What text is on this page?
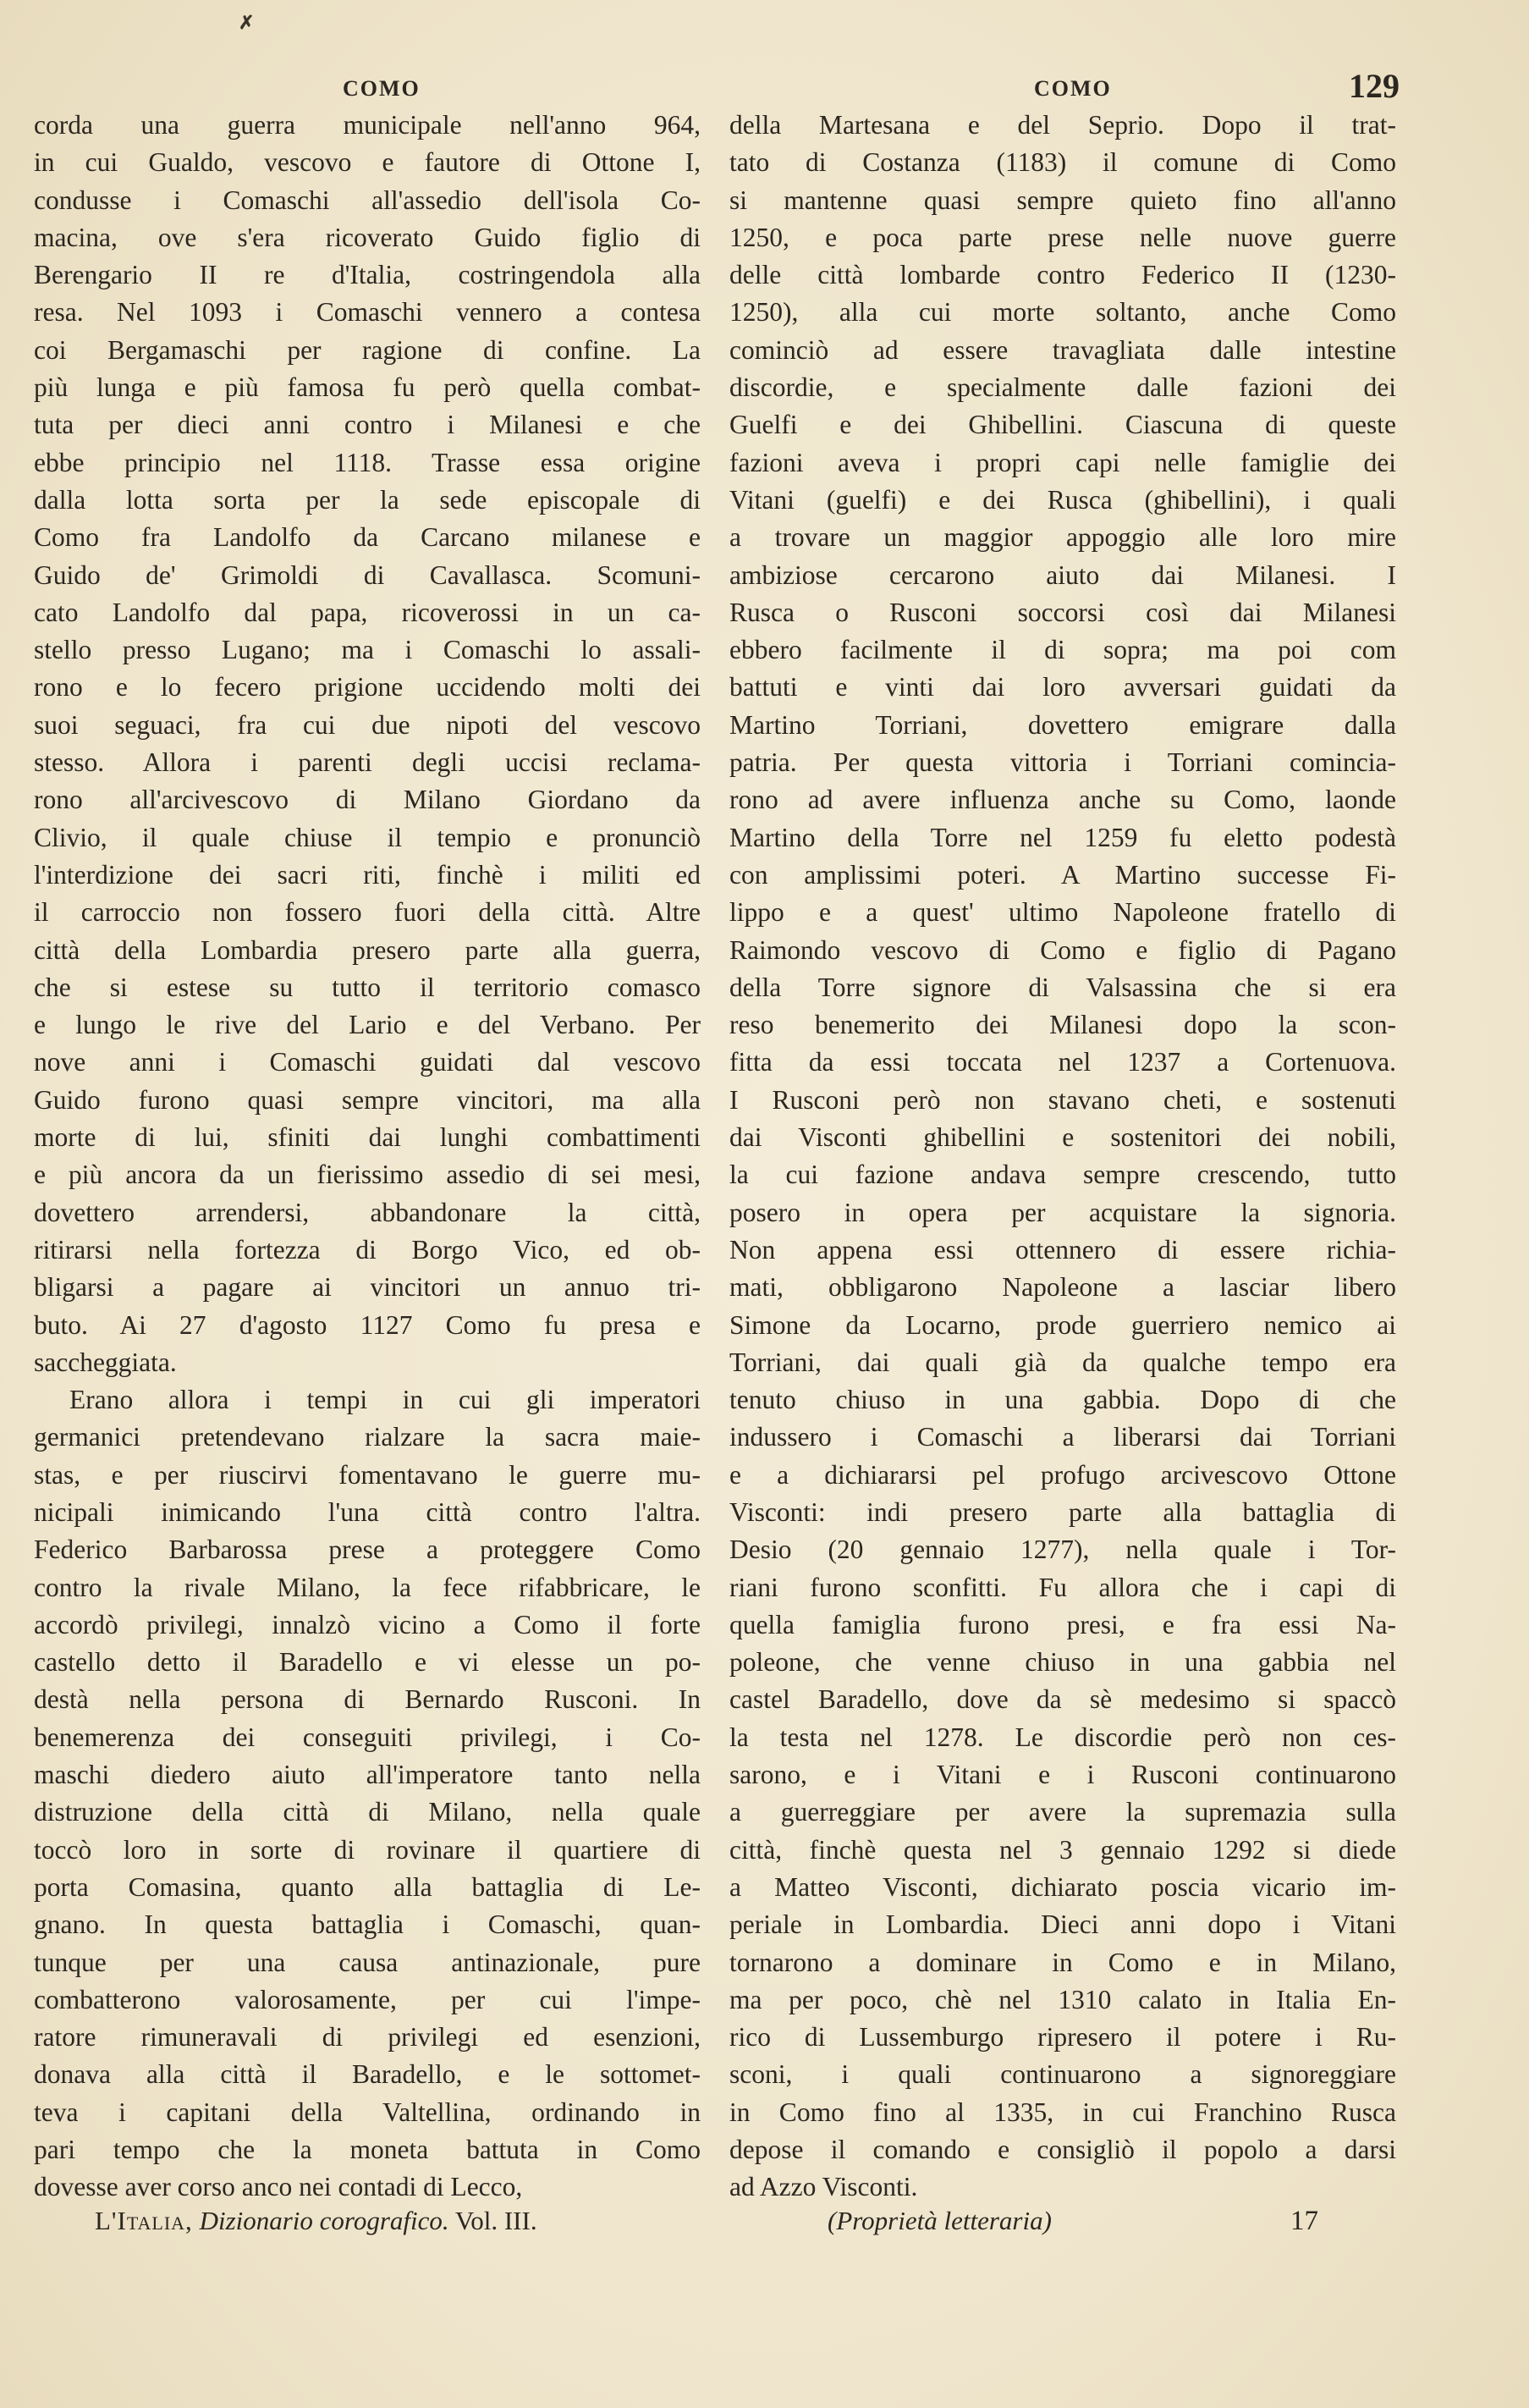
✗
COMO	COMO	129
corda una guerra municipale nell'anno 964,
in cui Gualdo, vescovo e fautore di Ottone I,
condusse i Comaschi all'assedio dell'isola Co-
macina, ove s'era ricoverato Guido figlio di
Berengario II re d'Italia, costringendola alla
resa. Nel 1093 i Comaschi vennero a contesa
coi Bergamaschi per ragione di confine. La
più lunga e più famosa fu però quella combat-
tuta per dieci anni contro i Milanesi e che
ebbe principio nel 1118. Trasse essa origine
dalla lotta sorta per la sede episcopale di
Como fra Landolfo da Carcano milanese e
Guido de' Grimoldi di Cavallasca. Scomuni-
cato Landolfo dal papa, ricoverossi in un ca-
stello presso Lugano; ma i Comaschi lo assali-
rono e lo fecero prigione uccidendo molti dei
suoi seguaci, fra cui due nipoti del vescovo
stesso. Allora i parenti degli uccisi reclama-
rono all'arcivescovo di Milano Giordano da
Clivio, il quale chiuse il tempio e pronunciò
l'interdizione dei sacri riti, finchè i militi ed
il carroccio non fossero fuori della città. Altre
città della Lombardia presero parte alla guerra,
che si estese su tutto il territorio comasco
e lungo le rive del Lario e del Verbano. Per
nove anni i Comaschi guidati dal vescovo
Guido furono quasi sempre vincitori, ma alla
morte di lui, sfiniti dai lunghi combattimenti
e più ancora da un fierissimo assedio di sei mesi,
dovettero arrendersi, abbandonare la città,
ritirarsi nella fortezza di Borgo Vico, ed ob-
bligarsi a pagare ai vincitori un annuo tri-
buto. Ai 27 d'agosto 1127 Como fu presa e
saccheggiata.
Erano allora i tempi in cui gli imperatori
germanici pretendevano rialzare la sacra maie-
stas, e per riuscirvi fomentavano le guerre mu-
nicipali inimicando l'una città contro l'altra.
Federico Barbarossa prese a proteggere Como
contro la rivale Milano, la fece rifabbricare, le
accordò privilegi, innalzò vicino a Como il forte
castello detto il Baradello e vi elesse un po-
destà nella persona di Bernardo Rusconi. In
benemerenza dei conseguiti privilegi, i Co-
maschi diedero aiuto all'imperatore tanto nella
distruzione della città di Milano, nella quale
toccò loro in sorte di rovinare il quartiere di
porta Comasina, quanto alla battaglia di Le-
gnano. In questa battaglia i Comaschi, quan-
tunque per una causa antinazionale, pure
combatterono valorosamente, per cui l'impe-
ratore rimuneravali di privilegi ed esenzioni,
donava alla città il Baradello, e le sottomet-
teva i capitani della Valtellina, ordinando in
pari tempo che la moneta battuta in Como
dovesse aver corso anco nei contadi di Lecco,
della Martesana e del Seprio. Dopo il trat-
tato di Costanza (1183) il comune di Como
si mantenne quasi sempre quieto fino all'anno
1250, e poca parte prese nelle nuove guerre
delle città lombarde contro Federico II (1230-
1250), alla cui morte soltanto, anche Como
cominciò ad essere travagliata dalle intestine
discordie, e specialmente dalle fazioni dei
Guelfi e dei Ghibellini. Ciascuna di queste
fazioni aveva i propri capi nelle famiglie dei
Vitani (guelfi) e dei Rusca (ghibellini), i quali
a trovare un maggior appoggio alle loro mire
ambiziose cercarono aiuto dai Milanesi. I
Rusca o Rusconi soccorsi così dai Milanesi
ebbero facilmente il di sopra; ma poi com
battuti e vinti dai loro avversari guidati da
Martino Torriani, dovettero emigrare dalla
patria. Per questa vittoria i Torriani comincia-
rono ad avere influenza anche su Como, laonde
Martino della Torre nel 1259 fu eletto podestà
con amplissimi poteri. A Martino successe Fi-
lippo e a quest' ultimo Napoleone fratello di
Raimondo vescovo di Como e figlio di Pagano
della Torre signore di Valsassina che si era
reso benemerito dei Milanesi dopo la scon-
fitta da essi toccata nel 1237 a Cortenuova.
I Rusconi però non stavano cheti, e sostenuti
dai Visconti ghibellini e sostenitori dei nobili,
la cui fazione andava sempre crescendo, tutto
posero in opera per acquistare la signoria.
Non appena essi ottennero di essere richia-
mati, obbligarono Napoleone a lasciar libero
Simone da Locarno, prode guerriero nemico ai
Torriani, dai quali già da qualche tempo era
tenuto chiuso in una gabbia. Dopo di che
indussero i Comaschi a liberarsi dai Torriani
e a dichiararsi pel profugo arcivescovo Ottone
Visconti: indi presero parte alla battaglia di
Desio (20 gennaio 1277), nella quale i Tor-
riani furono sconfitti. Fu allora che i capi di
quella famiglia furono presi, e fra essi Na-
poleone, che venne chiuso in una gabbia nel
castel Baradello, dove da sè medesimo si spaccò
la testa nel 1278. Le discordie però non ces-
sarono, e i Vitani e i Rusconi continuarono
a guerreggiare per avere la supremazia sulla
città, finchè questa nel 3 gennaio 1292 si diede
a Matteo Visconti, dichiarato poscia vicario im-
periale in Lombardia. Dieci anni dopo i Vitani
tornarono a dominare in Como e in Milano,
ma per poco, chè nel 1310 calato in Italia En-
rico di Lussemburgo ripresero il potere i Ru-
sconi, i quali continuarono a signoreggiare
in Como fino al 1335, in cui Franchino Rusca
depose il comando e consigliò il popolo a darsi
ad Azzo Visconti.
L'Italia, Dizionario corografico. Vol. III.	(Proprietà letteraria)	17
